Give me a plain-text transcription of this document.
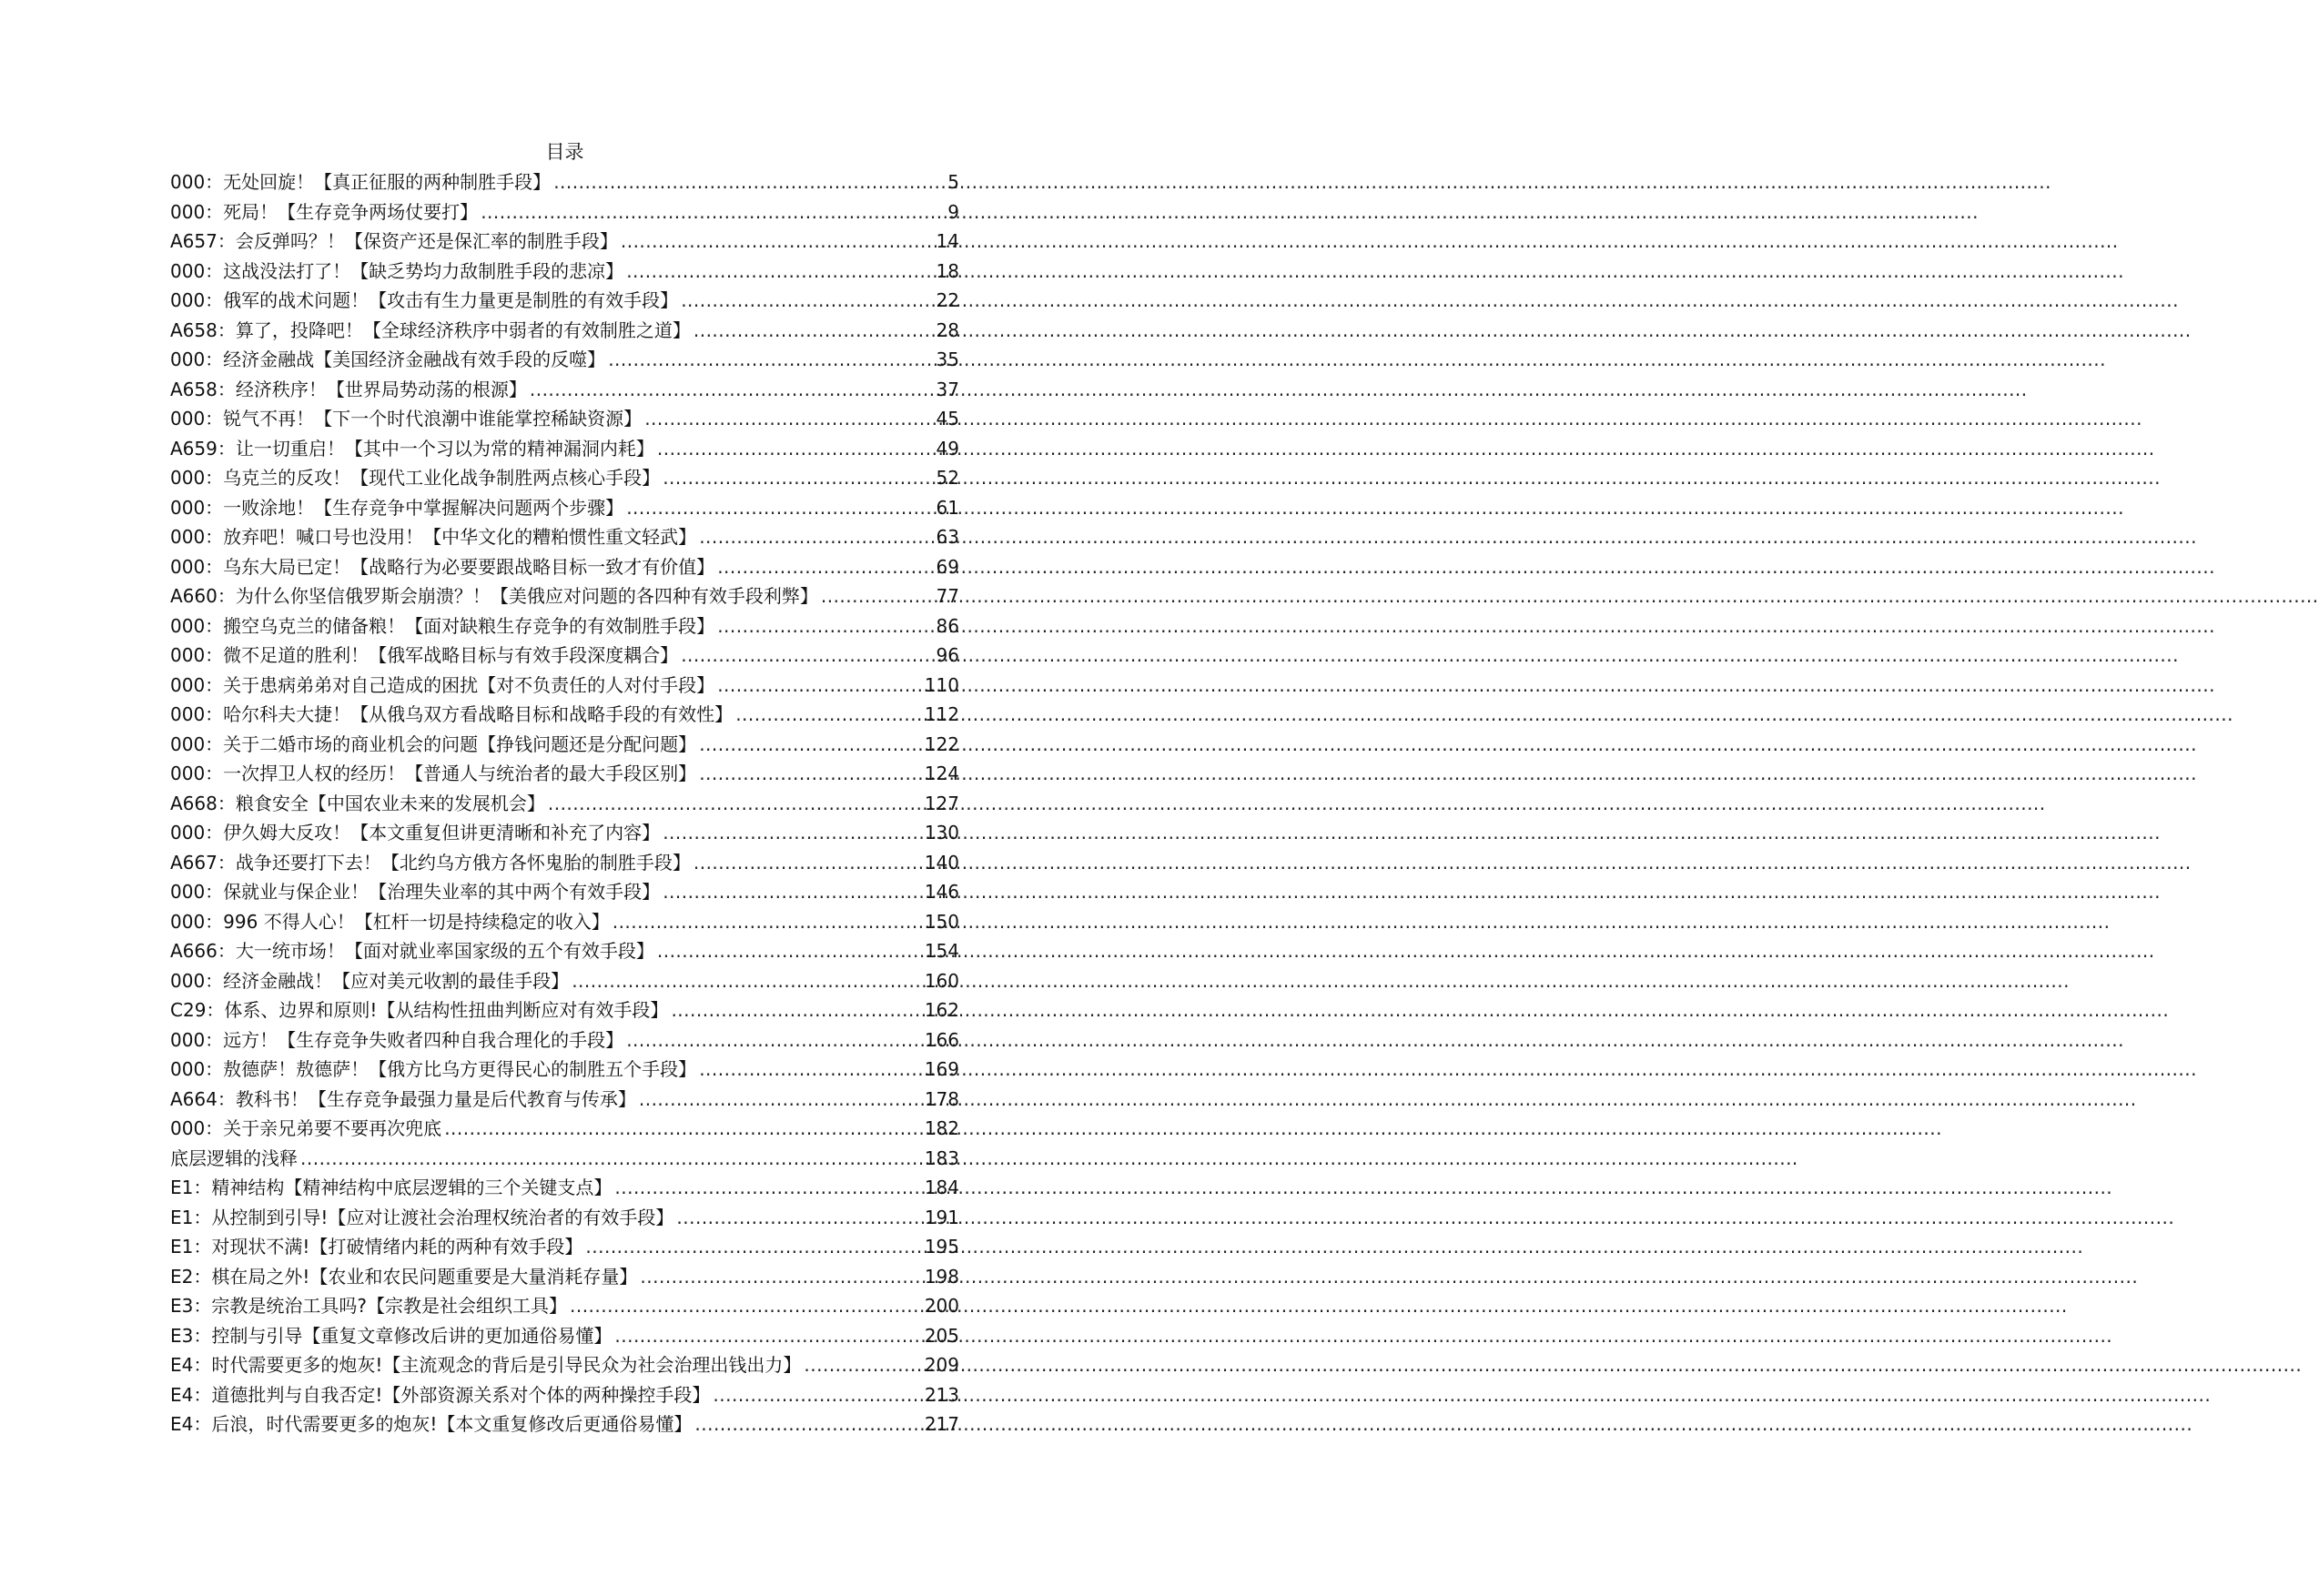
目录
000：无处回旋！【真正征服的两种制胜手段】 .....	5
000：死局！【生存竞争两场仗要打】 .....	9
A657：会反弹吗？！【保资产还是保汇率的制胜手段】 .....	14
000：这战没法打了！【缺乏势均力敌制胜手段的悲凉】 .....	18
000：俄军的战术问题！【攻击有生力量更是制胜的有效手段】 .....	22
A658：算了，投降吧！【全球经济秩序中弱者的有效制胜之道】 .....	28
000：经济金融战【美国经济金融战有效手段的反噬】 .....	35
A658：经济秩序！【世界局势动荡的根源】 .....	37
000：锐气不再！【下一个时代浪潮中谁能掌控稀缺资源】 .....	45
A659：让一切重启！【其中一个习以为常的精神漏洞内耗】 .....	49
000：乌克兰的反攻！【现代工业化战争制胜两点核心手段】 .....	52
000：一败涂地！【生存竞争中掌握解决问题两个步骤】 .....	61
000：放弃吧！喊口号也没用！【中华文化的糟粕惯性重文轻武】 .....	63
000：乌东大局已定！【战略行为必要要跟战略目标一致才有价值】 .....	69
A660：为什么你坚信俄罗斯会崩溃？！【美俄应对问题的各四种有效手段利弊】 .....	77
000：搬空乌克兰的储备粮！【面对缺粮生存竞争的有效制胜手段】 .....	86
000：微不足道的胜利！【俄军战略目标与有效手段深度耦合】 .....	96
000：关于患病弟弟对自己造成的困扰【对不负责任的人对付手段】 .....	110
000：哈尔科夫大捷！【从俄乌双方看战略目标和战略手段的有效性】 .....	112
000：关于二婚市场的商业机会的问题【挣钱问题还是分配问题】 .....	122
000：一次捍卫人权的经历！【普通人与统治者的最大手段区别】 .....	124
A668：粮食安全【中国农业未来的发展机会】 .....	127
000：伊久姆大反攻！【本文重复但讲更清晰和补充了内容】 .....	130
A667：战争还要打下去！【北约乌方俄方各怀鬼胎的制胜手段】 .....	140
000：保就业与保企业！【治理失业率的其中两个有效手段】 .....	146
000：996 不得人心！【杠杆一切是持续稳定的收入】 .....	150
A666：大一统市场！【面对就业率国家级的五个有效手段】 .....	154
000：经济金融战！【应对美元收割的最佳手段】 .....	160
C29：体系、边界和原则!【从结构性扭曲判断应对有效手段】 .....	162
000：远方！【生存竞争失败者四种自我合理化的手段】 .....	166
000：敖德萨！敖德萨！【俄方比乌方更得民心的制胜五个手段】 .....	169
A664：教科书！【生存竞争最强力量是后代教育与传承】 .....	178
000：关于亲兄弟要不要再次兜底 .....	182
底层逻辑的浅释 .....	183
E1：精神结构【精神结构中底层逻辑的三个关键支点】 .....	184
E1：从控制到引导!【应对让渡社会治理权统治者的有效手段】 .....	191
E1：对现状不满!【打破情绪内耗的两种有效手段】 .....	195
E2：棋在局之外!【农业和农民问题重要是大量消耗存量】 .....	198
E3：宗教是统治工具吗?【宗教是社会组织工具】 .....	200
E3：控制与引导【重复文章修改后讲的更加通俗易懂】 .....	205
E4：时代需要更多的炮灰!【主流观念的背后是引导民众为社会治理出钱出力】 .....	209
E4：道德批判与自我否定!【外部资源关系对个体的两种操控手段】 .....	213
E4：后浪，时代需要更多的炮灰!【本文重复修改后更通俗易懂】 .....	217
